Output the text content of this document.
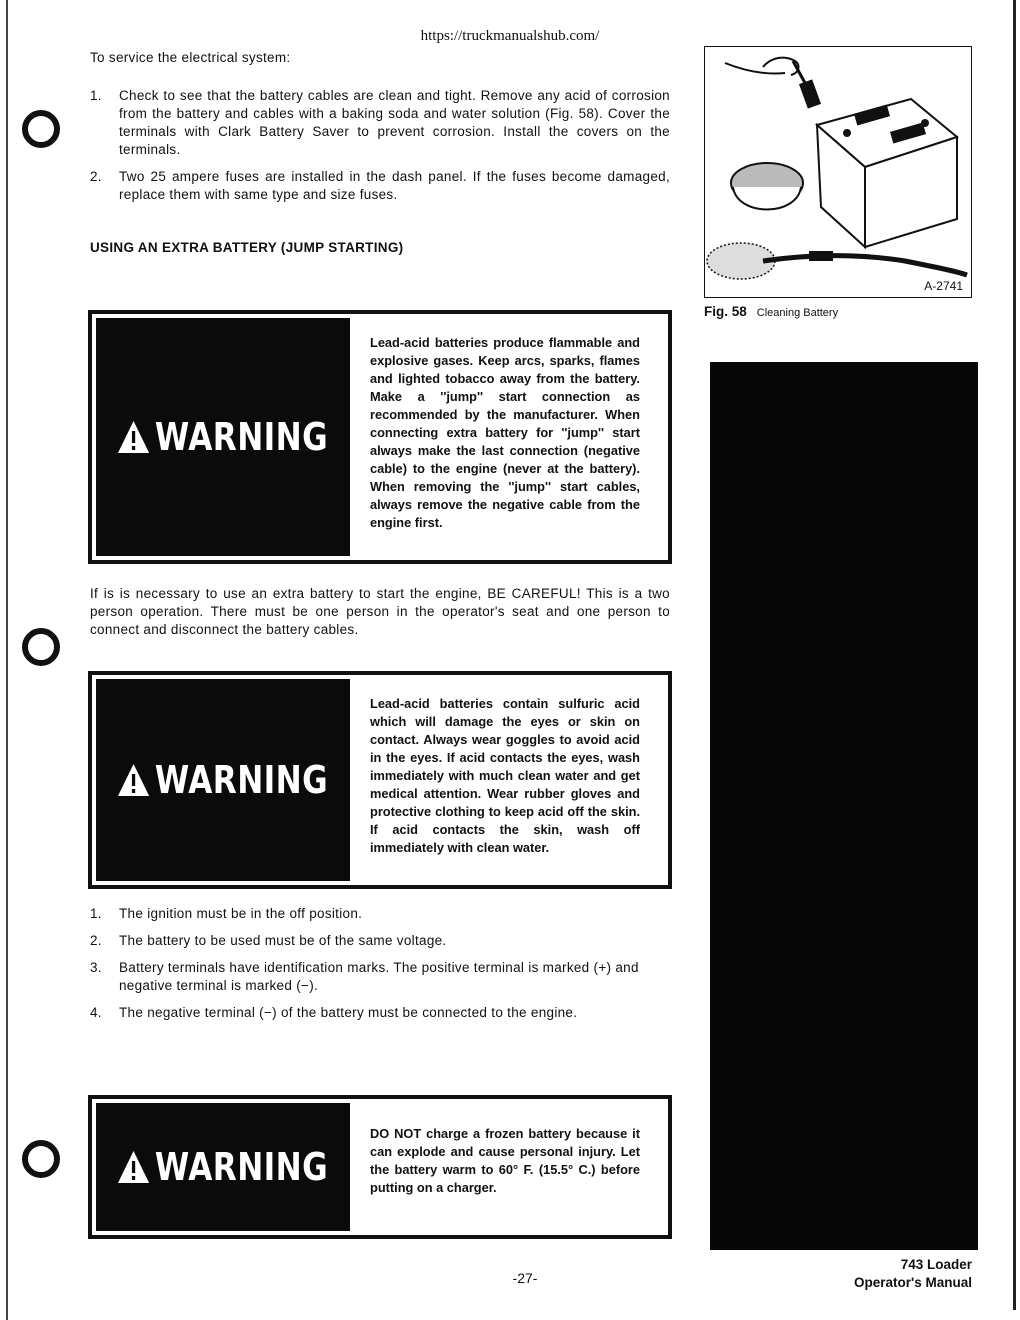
https://truckmanualshub.com/
To service the electrical system:
1. Check to see that the battery cables are clean and tight. Remove any acid of corrosion from the battery and cables with a baking soda and water solution (Fig. 58). Cover the terminals with Clark Battery Saver to prevent corrosion. Install the covers on the terminals.
2. Two 25 ampere fuses are installed in the dash panel. If the fuses become damaged, replace them with same type and size fuses.
USING AN EXTRA BATTERY (JUMP STARTING)
WARNING
Lead-acid batteries produce flammable and explosive gases. Keep arcs, sparks, flames and lighted tobacco away from the battery. Make a ''jump'' start connection as recommended by the manufacturer. When connecting extra battery for ''jump'' start always make the last connection (negative cable) to the engine (never at the battery). When removing the ''jump'' start cables, always remove the negative cable from the engine first.
If is is necessary to use an extra battery to start the engine, BE CAREFUL! This is a two person operation. There must be one person in the operator's seat and one person to connect and disconnect the battery cables.
WARNING
Lead-acid batteries contain sulfuric acid which will damage the eyes or skin on contact. Always wear goggles to avoid acid in the eyes. If acid contacts the eyes, wash immediately with much clean water and get medical attention. Wear rubber gloves and protective clothing to keep acid off the skin. If acid contacts the skin, wash off immediately with clean water.
1. The ignition must be in the off position.
2. The battery to be used must be of the same voltage.
3. Battery terminals have identification marks. The positive terminal is marked (+) and negative terminal is marked (−).
4. The negative terminal (−) of the battery must be connected to the engine.
WARNING
DO NOT charge a frozen battery because it can explode and cause personal injury. Let the battery warm to 60° F. (15.5° C.) before putting on a charger.
A-2741
Fig. 58 Cleaning Battery
-27-
743 Loader
Operator's Manual
